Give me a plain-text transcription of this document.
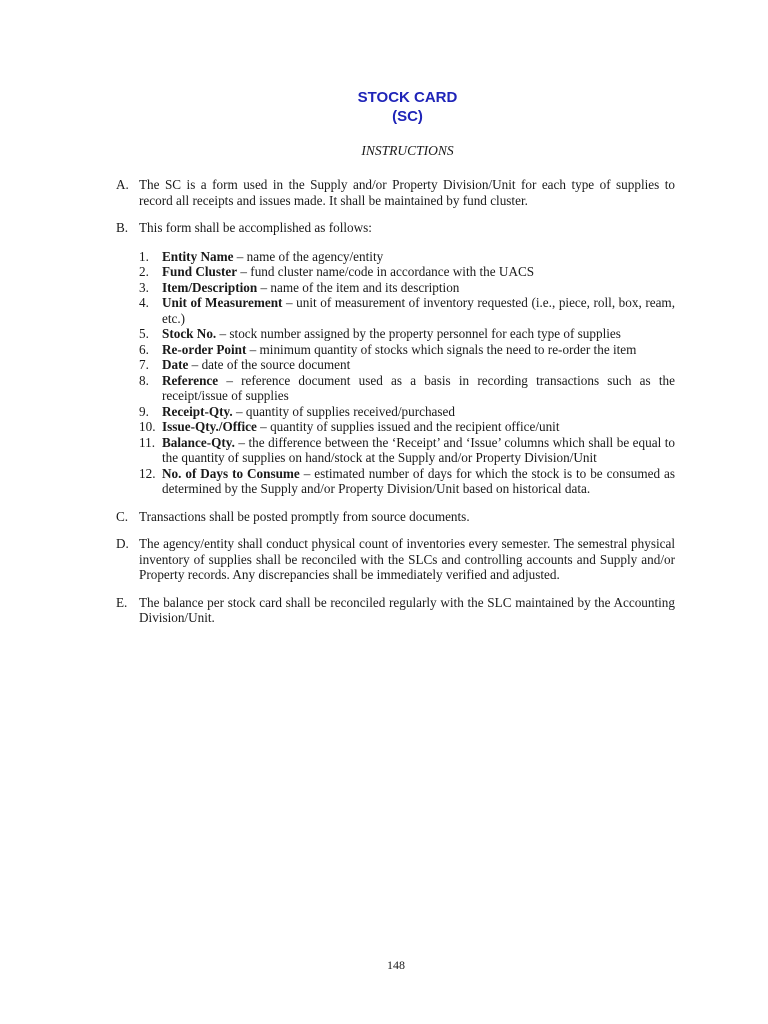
STOCK CARD
(SC)
INSTRUCTIONS
A. The SC is a form used in the Supply and/or Property Division/Unit for each type of supplies to record all receipts and issues made. It shall be maintained by fund cluster.
B. This form shall be accomplished as follows:
1. Entity Name – name of the agency/entity
2. Fund Cluster – fund cluster name/code in accordance with the UACS
3. Item/Description – name of the item and its description
4. Unit of Measurement – unit of measurement of inventory requested (i.e., piece, roll, box, ream, etc.)
5. Stock No. – stock number assigned by the property personnel for each type of supplies
6. Re-order Point – minimum quantity of stocks which signals the need to re-order the item
7. Date – date of the source document
8. Reference – reference document used as a basis in recording transactions such as the receipt/issue of supplies
9. Receipt-Qty. – quantity of supplies received/purchased
10. Issue-Qty./Office – quantity of supplies issued and the recipient office/unit
11. Balance-Qty. – the difference between the ‘Receipt’ and ‘Issue’ columns which shall be equal to the quantity of supplies on hand/stock at the Supply and/or Property Division/Unit
12. No. of Days to Consume – estimated number of days for which the stock is to be consumed as determined by the Supply and/or Property Division/Unit based on historical data.
C. Transactions shall be posted promptly from source documents.
D. The agency/entity shall conduct physical count of inventories every semester. The semestral physical inventory of supplies shall be reconciled with the SLCs and controlling accounts and Supply and/or Property records. Any discrepancies shall be immediately verified and adjusted.
E. The balance per stock card shall be reconciled regularly with the SLC maintained by the Accounting Division/Unit.
148
